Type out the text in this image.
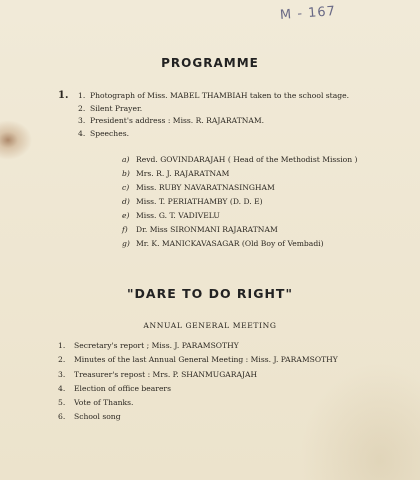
M - 167
PROGRAMME
1. 1. Photograph of Miss. MABEL THAMBIAH taken to the school stage.
2. Silent Prayer.
3. President's address : Miss. R. RAJARATNAM.
4. Speeches.
a) Revd. GOVINDARAJAH ( Head of the Methodist Mission )
b) Mrs. R. J. RAJARATNAM
c) Miss. RUBY NAVARATNASINGHAM
d) Miss. T. PERIATHAMBY (D. D. E)
e) Miss. G. T. VADIVELU
f) Dr. Miss SIRONMANI RAJARATNAM
g) Mr. K. MANICKAVASAGAR (Old Boy of Vembadi)
"DARE TO DO RIGHT"
ANNUAL GENERAL MEETING
1. Secretary's report ; Miss. J. PARAMSOTHY
2. Minutes of the last Annual General Meeting : Miss. J. PARAMSOTHY
3. Treasurer's repost : Mrs. P. SHANMUGARAJAH
4. Election of office bearers
5. Vote of Thanks.
6. School song
